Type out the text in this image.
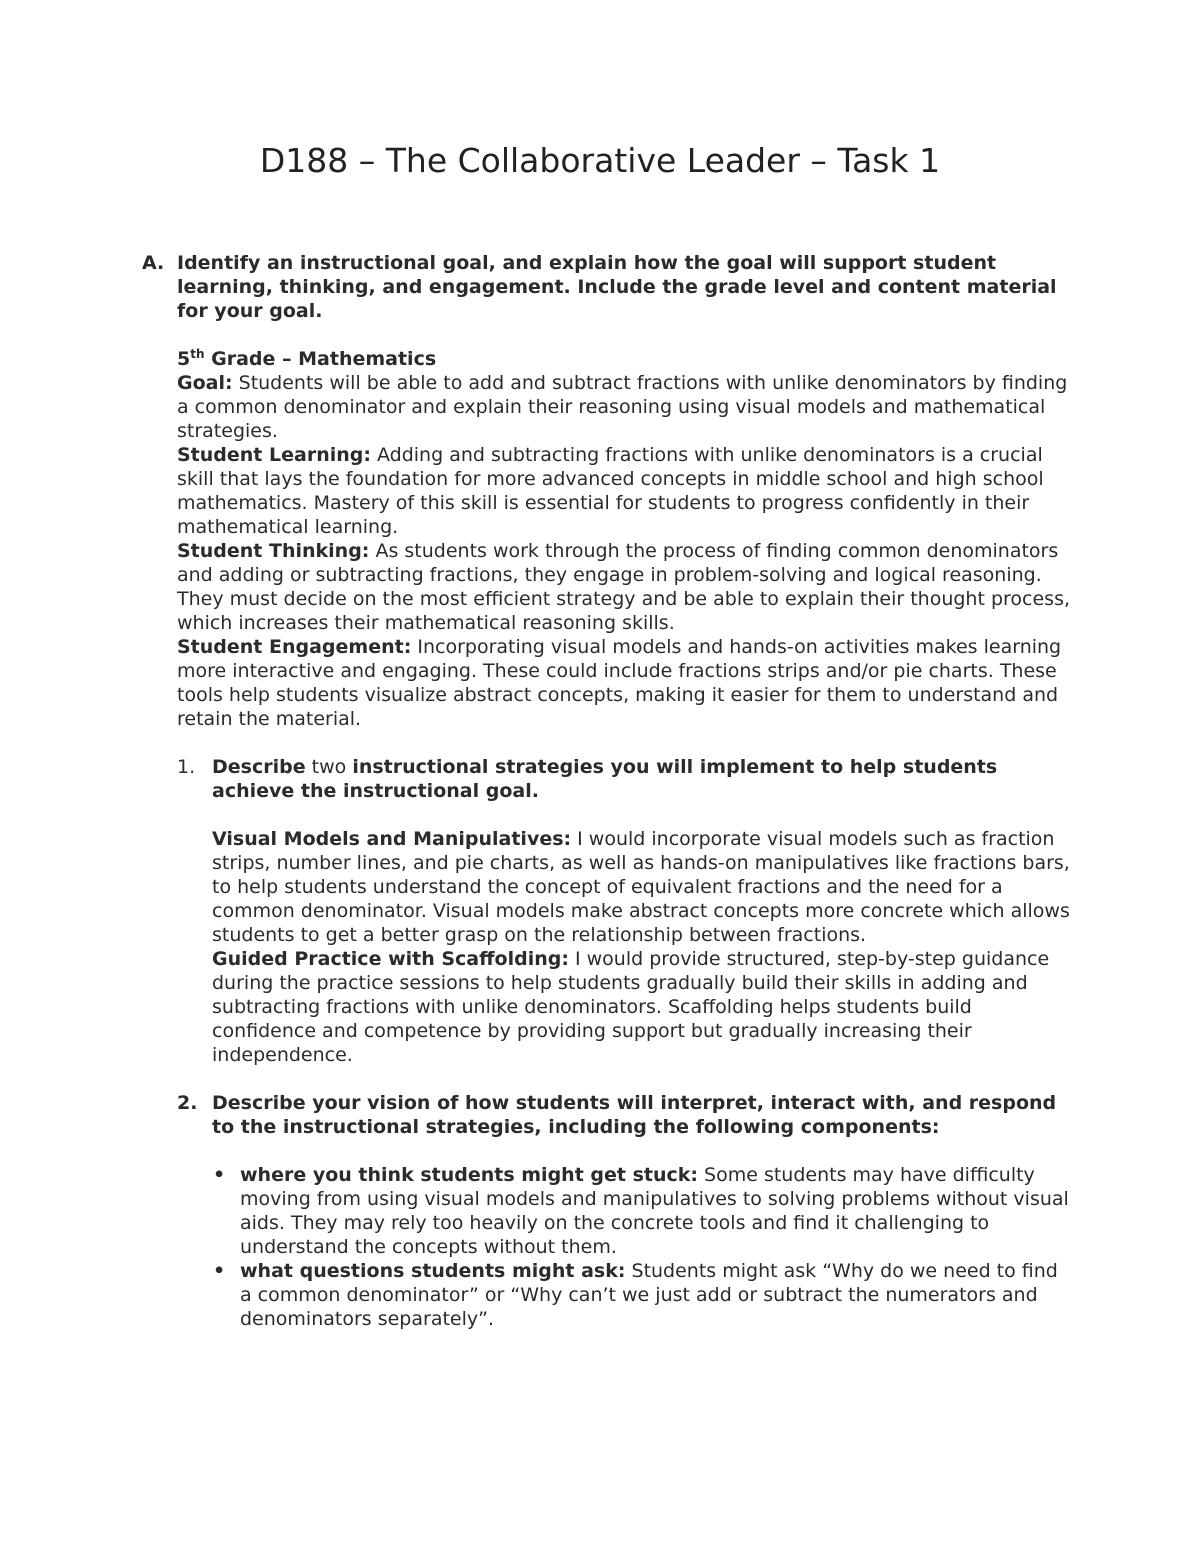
D188 – The Collaborative Leader – Task 1
A. Identify an instructional goal, and explain how the goal will support student learning, thinking, and engagement. Include the grade level and content material for your goal.
5th Grade – Mathematics
Goal: Students will be able to add and subtract fractions with unlike denominators by finding a common denominator and explain their reasoning using visual models and mathematical strategies.
Student Learning: Adding and subtracting fractions with unlike denominators is a crucial skill that lays the foundation for more advanced concepts in middle school and high school mathematics. Mastery of this skill is essential for students to progress confidently in their mathematical learning.
Student Thinking: As students work through the process of finding common denominators and adding or subtracting fractions, they engage in problem-solving and logical reasoning. They must decide on the most efficient strategy and be able to explain their thought process, which increases their mathematical reasoning skills.
Student Engagement: Incorporating visual models and hands-on activities makes learning more interactive and engaging. These could include fractions strips and/or pie charts. These tools help students visualize abstract concepts, making it easier for them to understand and retain the material.
1. Describe two instructional strategies you will implement to help students achieve the instructional goal.
Visual Models and Manipulatives: I would incorporate visual models such as fraction strips, number lines, and pie charts, as well as hands-on manipulatives like fractions bars, to help students understand the concept of equivalent fractions and the need for a common denominator. Visual models make abstract concepts more concrete which allows students to get a better grasp on the relationship between fractions.
Guided Practice with Scaffolding: I would provide structured, step-by-step guidance during the practice sessions to help students gradually build their skills in adding and subtracting fractions with unlike denominators. Scaffolding helps students build confidence and competence by providing support but gradually increasing their independence.
2. Describe your vision of how students will interpret, interact with, and respond to the instructional strategies, including the following components:
• where you think students might get stuck: Some students may have difficulty moving from using visual models and manipulatives to solving problems without visual aids. They may rely too heavily on the concrete tools and find it challenging to understand the concepts without them.
• what questions students might ask: Students might ask “Why do we need to find a common denominator” or “Why can’t we just add or subtract the numerators and denominators separately”.
